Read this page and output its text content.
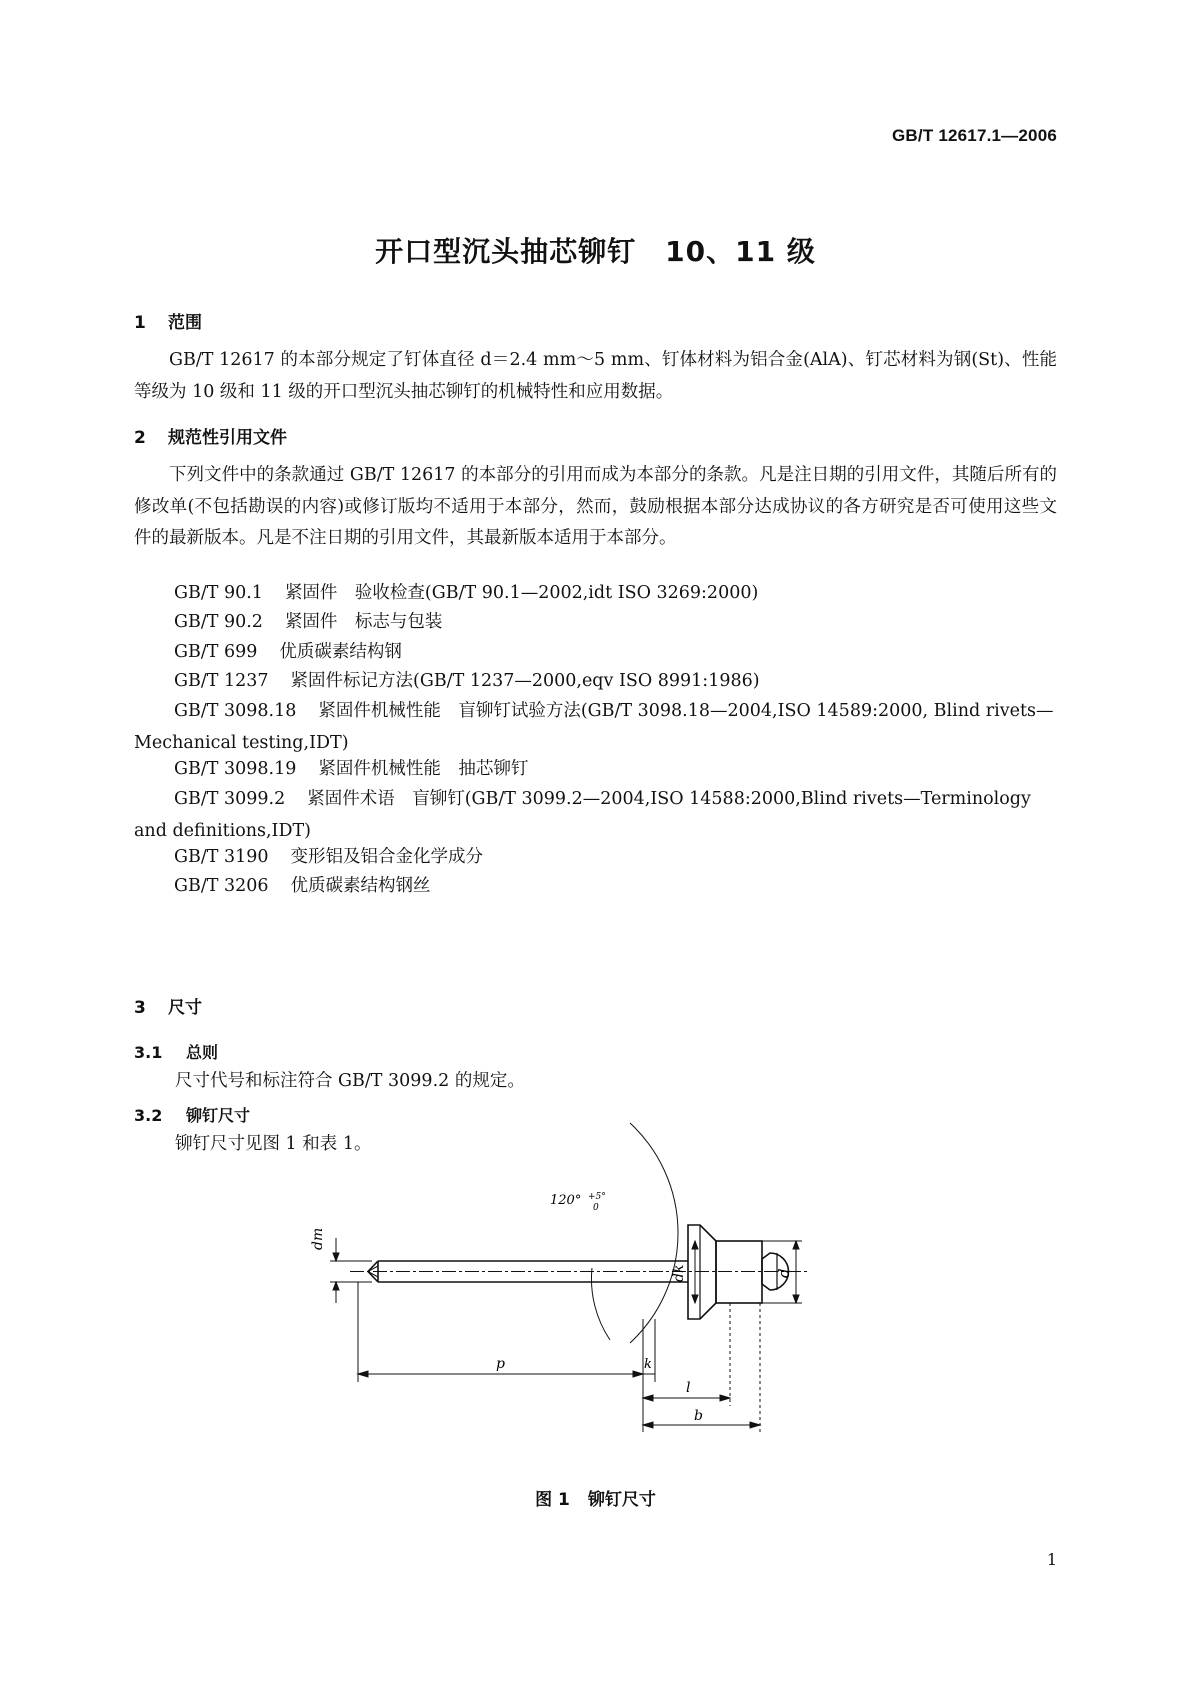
GB/T 12617.1—2006
开口型沉头抽芯铆钉　10、11 级
1 范围
GB/T 12617 的本部分规定了钉体直径 d＝2.4 mm～5 mm、钉体材料为铝合金(AlA)、钉芯材料为钢(St)、性能等级为 10 级和 11 级的开口型沉头抽芯铆钉的机械特性和应用数据。
2 规范性引用文件
下列文件中的条款通过 GB/T 12617 的本部分的引用而成为本部分的条款。凡是注日期的引用文件，其随后所有的修改单(不包括勘误的内容)或修订版均不适用于本部分，然而，鼓励根据本部分达成协议的各方研究是否可使用这些文件的最新版本。凡是不注日期的引用文件，其最新版本适用于本部分。
GB/T 90.1 紧固件　验收检查(GB/T 90.1—2002,idt ISO 3269:2000)
GB/T 90.2 紧固件　标志与包装
GB/T 699 优质碳素结构钢
GB/T 1237 紧固件标记方法(GB/T 1237—2000,eqv ISO 8991:1986)
GB/T 3098.18 紧固件机械性能　盲铆钉试验方法(GB/T 3098.18—2004,ISO 14589:2000, Blind rivets—Mechanical testing,IDT)
GB/T 3098.19 紧固件机械性能　抽芯铆钉
GB/T 3099.2 紧固件术语　盲铆钉(GB/T 3099.2—2004,ISO 14588:2000,Blind rivets—Terminology and definitions,IDT)
GB/T 3190 变形铝及铝合金化学成分
GB/T 3206 优质碳素结构钢丝
3 尺寸
3.1 总则
尺寸代号和标注符合 GB/T 3099.2 的规定。
3.2 铆钉尺寸
铆钉尺寸见图 1 和表 1。
dm
120° +5°
0
dk	d
p	k
l
b
图 1 铆钉尺寸
1
